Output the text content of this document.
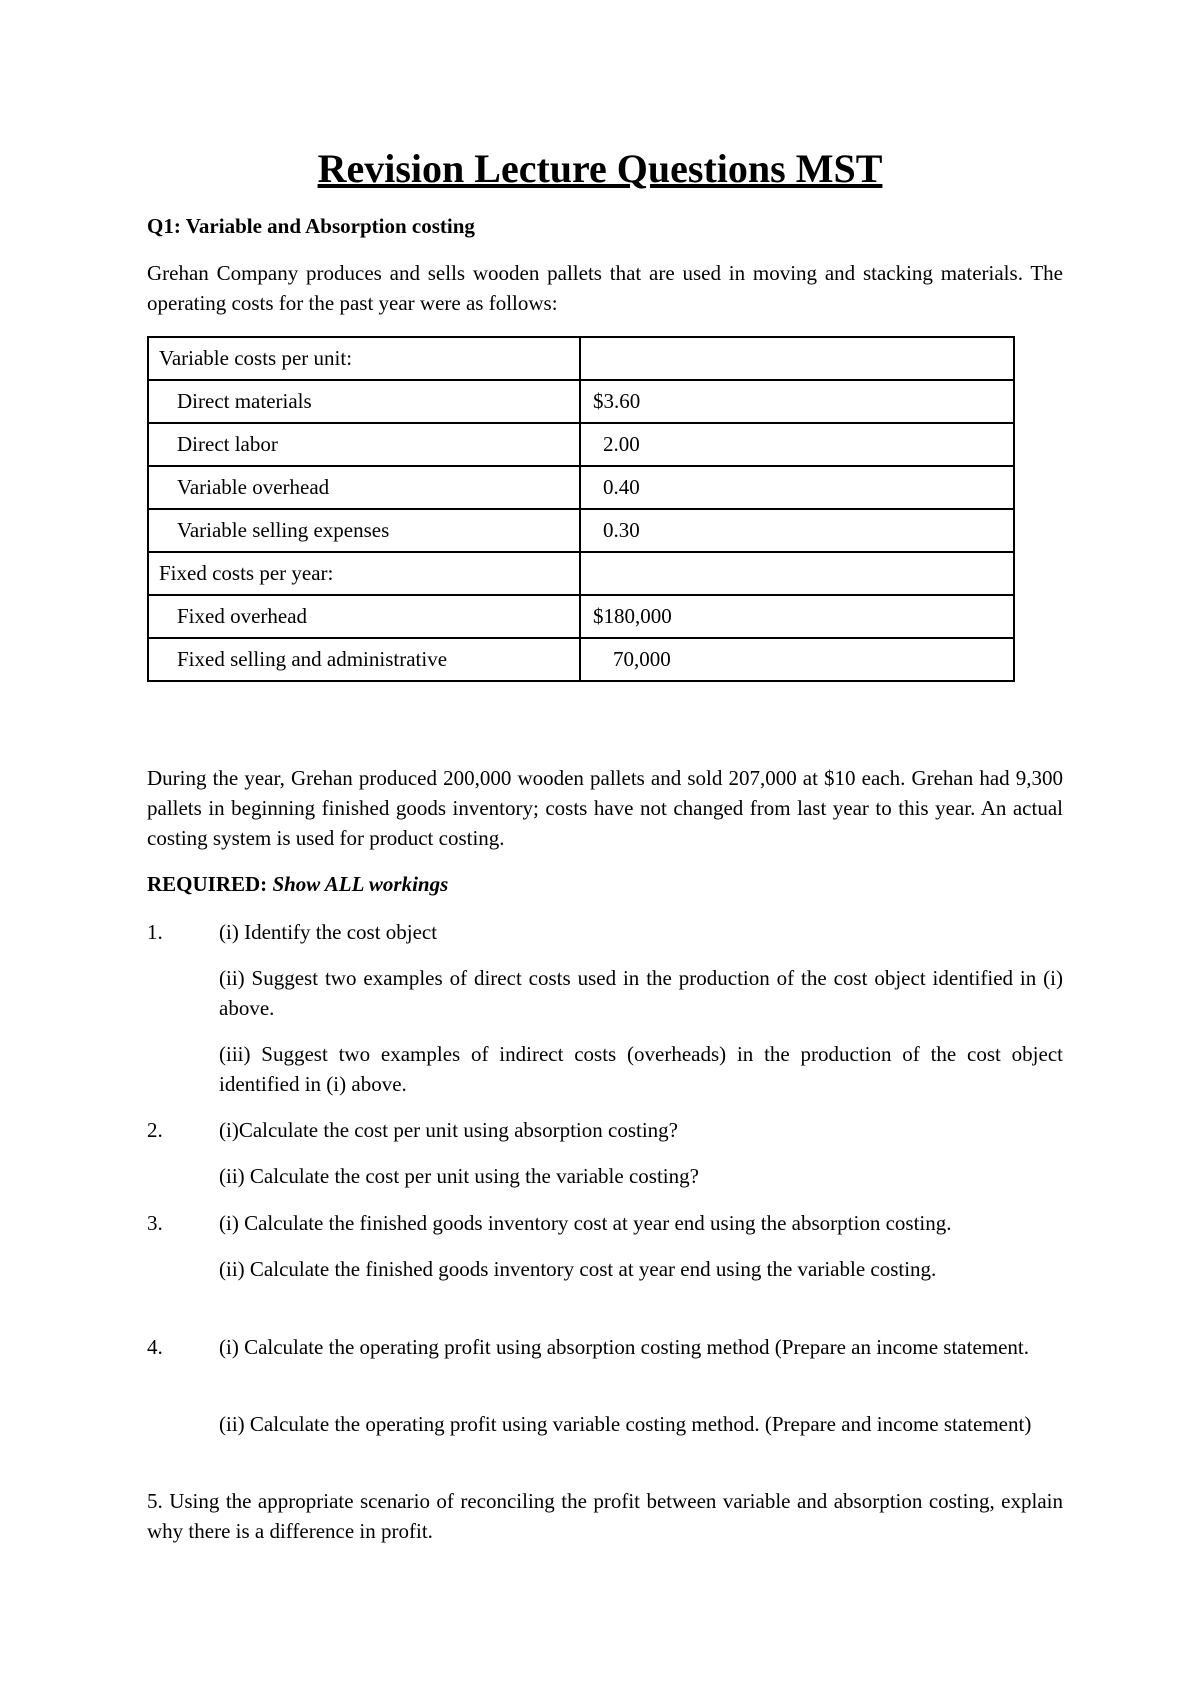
Revision Lecture Questions MST
Q1: Variable and Absorption costing

Grehan Company produces and sells wooden pallets that are used in moving and stacking materials. The operating costs for the past year were as follows:

Variable costs per unit:	
Direct materials	$3.60
Direct labor	2.00
Variable overhead	0.40
Variable selling expenses	0.30
Fixed costs per year:	
Fixed overhead	$180,000
Fixed selling and administrative	70,000

During the year, Grehan produced 200,000 wooden pallets and sold 207,000 at $10 each. Grehan had 9,300 pallets in beginning finished goods inventory; costs have not changed from last year to this year. An actual costing system is used for product costing.

REQUIRED: Show ALL workings
1.	(i) Identify the cost object

(ii) Suggest two examples of direct costs used in the production of the cost object identified in (i) above.

(iii) Suggest two examples of indirect costs (overheads) in the production of the cost object identified in (i) above.

2.	(i)Calculate the cost per unit using absorption costing?

(ii) Calculate the cost per unit using the variable costing?

3.	(i) Calculate the finished goods inventory cost at year end using the absorption costing.

(ii) Calculate the finished goods inventory cost at year end using the variable costing.

4.	(i) Calculate the operating profit using absorption costing method (Prepare an income statement.

(ii) Calculate the operating profit using variable costing method. (Prepare and income statement)

5. Using the appropriate scenario of reconciling the profit between variable and absorption costing, explain why there is a difference in profit.
